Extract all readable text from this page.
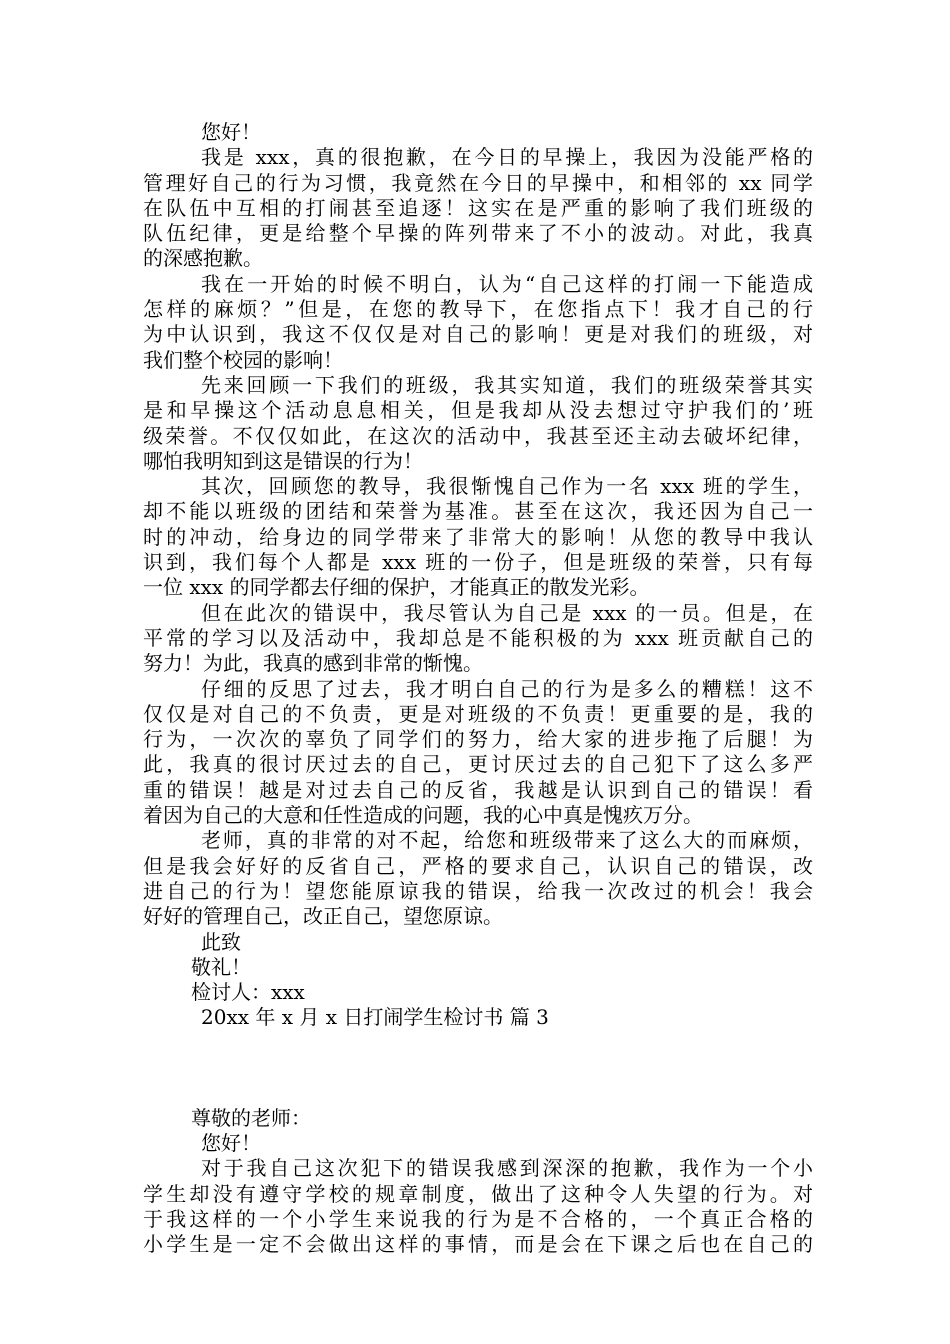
您好！
我是 xxx，真的很抱歉，在今日的早操上，我因为没能严格的
管理好自己的行为习惯，我竟然在今日的早操中，和相邻的 xx 同学
在队伍中互相的打闹甚至追逐！这实在是严重的影响了我们班级的
队伍纪律，更是给整个早操的阵列带来了不小的波动。对此，我真
的深感抱歉。
我在一开始的时候不明白，认为“自己这样的打闹一下能造成
怎样的麻烦？”但是，在您的教导下，在您指点下！我才自己的行
为中认识到，我这不仅仅是对自己的影响！更是对我们的班级，对
我们整个校园的影响！
先来回顾一下我们的班级，我其实知道，我们的班级荣誉其实
是和早操这个活动息息相关，但是我却从没去想过守护我们的’班
级荣誉。不仅仅如此，在这次的活动中，我甚至还主动去破坏纪律，
哪怕我明知到这是错误的行为！
其次，回顾您的教导，我很惭愧自己作为一名 xxx 班的学生，
却不能以班级的团结和荣誉为基准。甚至在这次，我还因为自己一
时的冲动，给身边的同学带来了非常大的影响！从您的教导中我认
识到，我们每个人都是 xxx 班的一份子，但是班级的荣誉，只有每
一位 xxx 的同学都去仔细的保护，才能真正的散发光彩。
但在此次的错误中，我尽管认为自己是 xxx 的一员。但是，在
平常的学习以及活动中，我却总是不能积极的为 xxx 班贡献自己的
努力！为此，我真的感到非常的惭愧。
仔细的反思了过去，我才明白自己的行为是多么的糟糕！这不
仅仅是对自己的不负责，更是对班级的不负责！更重要的是，我的
行为，一次次的辜负了同学们的努力，给大家的进步拖了后腿！为
此，我真的很讨厌过去的自己，更讨厌过去的自己犯下了这么多严
重的错误！越是对过去自己的反省，我越是认识到自己的错误！看
着因为自己的大意和任性造成的问题，我的心中真是愧疚万分。
老师，真的非常的对不起，给您和班级带来了这么大的而麻烦，
但是我会好好的反省自己，严格的要求自己，认识自己的错误，改
进自己的行为！望您能原谅我的错误，给我一次改过的机会！我会
好好的管理自己，改正自己，望您原谅。
此致
敬礼！
检讨人：xxx
20xx 年 x 月 x 日打闹学生检讨书 篇 3
尊敬的老师：
您好！
对于我自己这次犯下的错误我感到深深的抱歉，我作为一个小
学生却没有遵守学校的规章制度，做出了这种令人失望的行为。对
于我这样的一个小学生来说我的行为是不合格的，一个真正合格的
小学生是一定不会做出这样的事情，而是会在下课之后也在自己的
